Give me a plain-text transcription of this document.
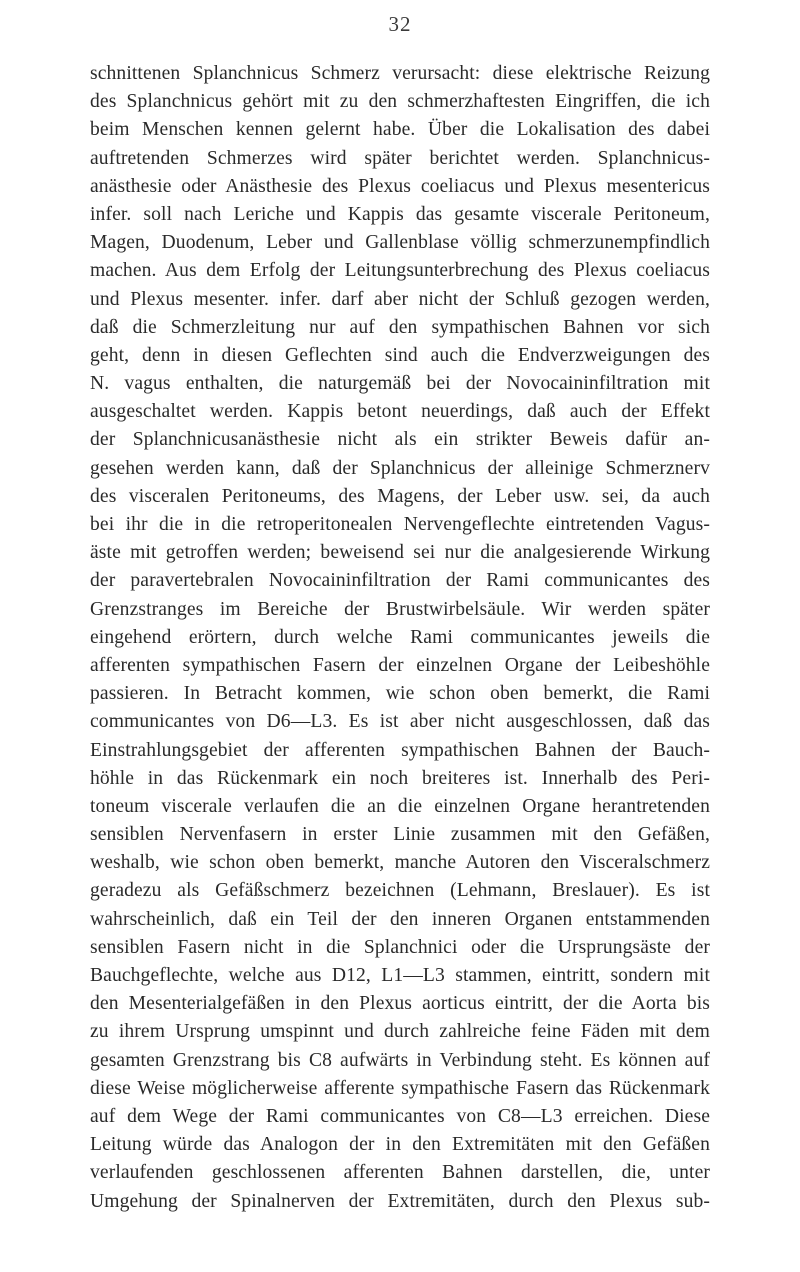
32
schnittenen Splanchnicus Schmerz verursacht: diese elektrische Reizung
des Splanchnicus gehört mit zu den schmerzhaftesten Eingriffen, die ich
beim Menschen kennen gelernt habe. Über die Lokalisation des dabei
auftretenden Schmerzes wird später berichtet werden. Splanchnicus-
anästhesie oder Anästhesie des Plexus coeliacus und Plexus mesentericus
infer. soll nach Leriche und Kappis das gesamte viscerale Peritoneum,
Magen, Duodenum, Leber und Gallenblase völlig schmerzunempfindlich
machen. Aus dem Erfolg der Leitungsunterbrechung des Plexus coeliacus
und Plexus mesenter. infer. darf aber nicht der Schluß gezogen werden,
daß die Schmerzleitung nur auf den sympathischen Bahnen vor sich
geht, denn in diesen Geflechten sind auch die Endverzweigungen des
N. vagus enthalten, die naturgemäß bei der Novocaininfiltration mit
ausgeschaltet werden. Kappis betont neuerdings, daß auch der Effekt
der Splanchnicusanästhesie nicht als ein strikter Beweis dafür an-
gesehen werden kann, daß der Splanchnicus der alleinige Schmerznerv
des visceralen Peritoneums, des Magens, der Leber usw. sei, da auch
bei ihr die in die retroperitonealen Nervengeflechte eintretenden Vagus-
äste mit getroffen werden; beweisend sei nur die analgesierende Wirkung
der paravertebralen Novocaininfiltration der Rami communicantes des
Grenzstranges im Bereiche der Brustwirbelsäule. Wir werden später
eingehend erörtern, durch welche Rami communicantes jeweils die
afferenten sympathischen Fasern der einzelnen Organe der Leibeshöhle
passieren. In Betracht kommen, wie schon oben bemerkt, die Rami
communicantes von D6—L3. Es ist aber nicht ausgeschlossen, daß das
Einstrahlungsgebiet der afferenten sympathischen Bahnen der Bauch-
höhle in das Rückenmark ein noch breiteres ist. Innerhalb des Peri-
toneum viscerale verlaufen die an die einzelnen Organe herantretenden
sensiblen Nervenfasern in erster Linie zusammen mit den Gefäßen,
weshalb, wie schon oben bemerkt, manche Autoren den Visceralschmerz
geradezu als Gefäßschmerz bezeichnen (Lehmann, Breslauer). Es ist
wahrscheinlich, daß ein Teil der den inneren Organen entstammenden
sensiblen Fasern nicht in die Splanchnici oder die Ursprungsäste der
Bauchgeflechte, welche aus D12, L1—L3 stammen, eintritt, sondern mit
den Mesenterialgefäßen in den Plexus aorticus eintritt, der die Aorta bis
zu ihrem Ursprung umspinnt und durch zahlreiche feine Fäden mit dem
gesamten Grenzstrang bis C8 aufwärts in Verbindung steht. Es können auf
diese Weise möglicherweise afferente sympathische Fasern das Rückenmark
auf dem Wege der Rami communicantes von C8—L3 erreichen. Diese
Leitung würde das Analogon der in den Extremitäten mit den Gefäßen
verlaufenden geschlossenen afferenten Bahnen darstellen, die, unter
Umgehung der Spinalnerven der Extremitäten, durch den Plexus sub-
